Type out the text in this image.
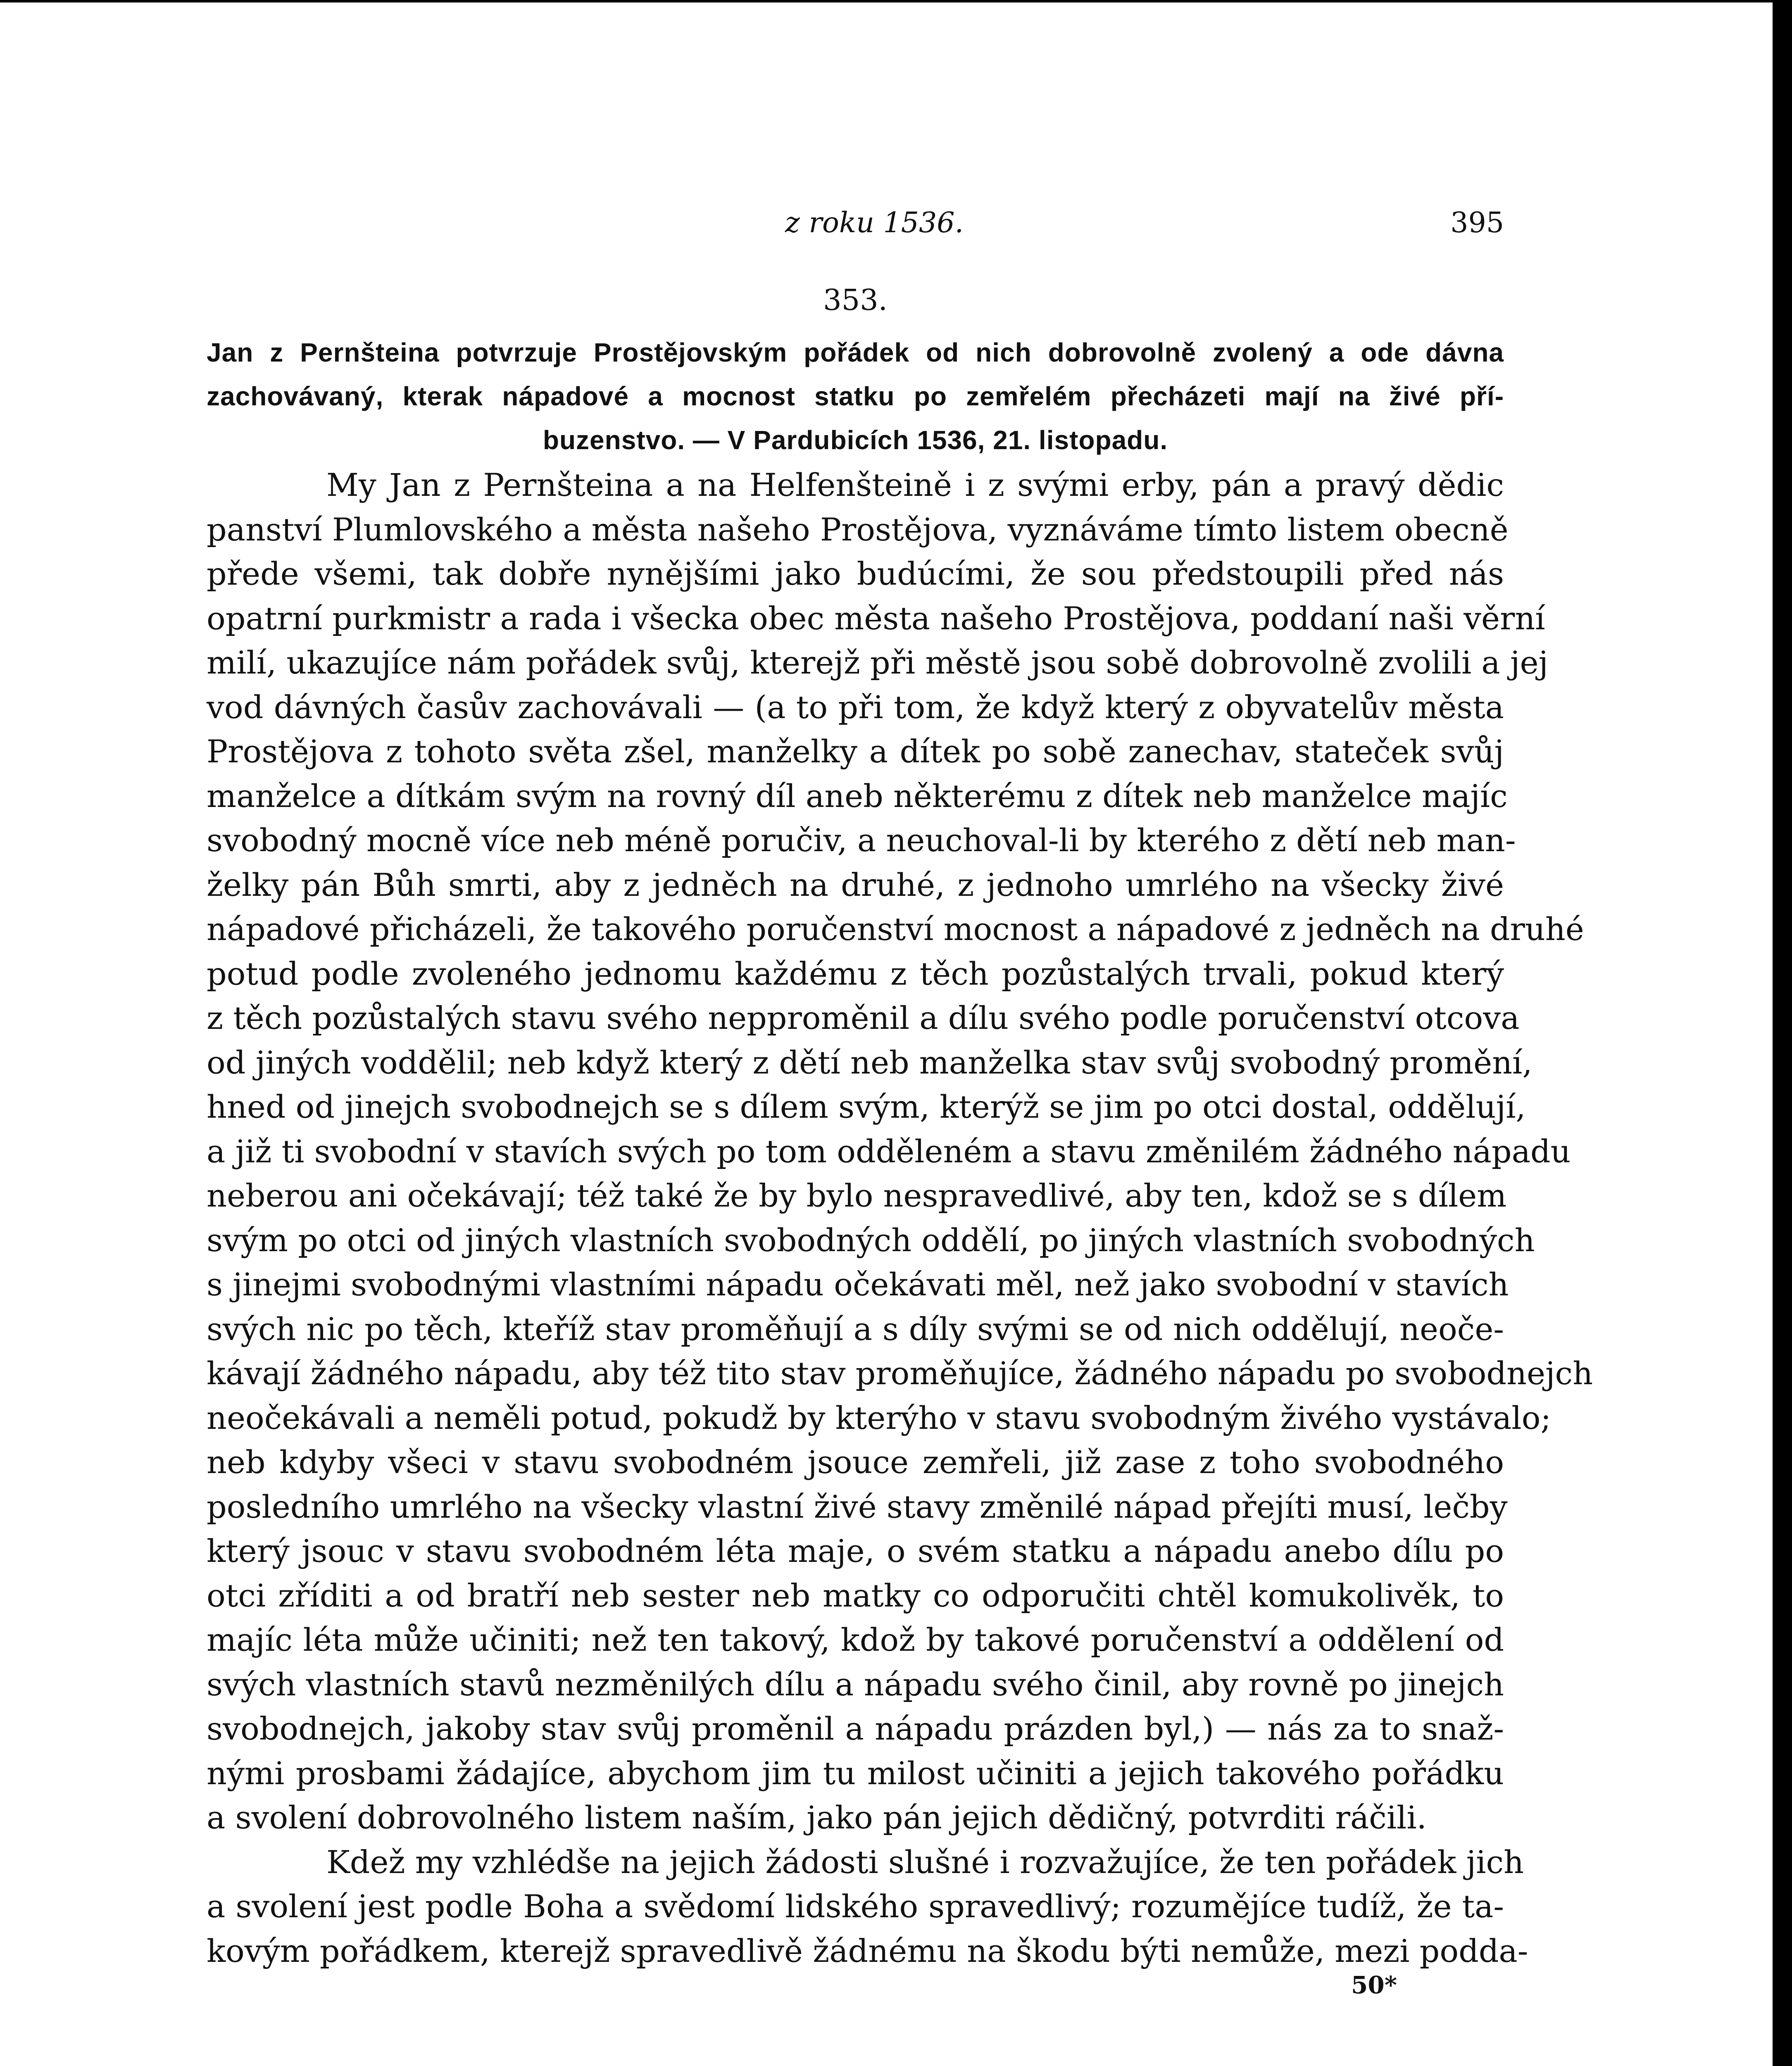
z roku 1536.	395
353.
Jan z Pernšteina potvrzuje Prostějovským pořádek od nich dobrovolně zvolený a ode dávna
zachovávaný, kterak nápadové a mocnost statku po zemřelém přecházeti mají na živé pří-
buzenstvo. — V Pardubicích 1536, 21. listopadu.
My Jan z Pernšteina a na Helfenšteině i z svými erby, pán a pravý dědic
panství Plumlovského a města našeho Prostějova, vyznáváme tímto listem obecně
přede všemi, tak dobře nynějšími jako budúcími, že sou předstoupili před nás
opatrní purkmistr a rada i všecka obec města našeho Prostějova, poddaní naši věrní
milí, ukazujíce nám pořádek svůj, kterejž při městě jsou sobě dobrovolně zvolili a jej
vod dávných časův zachovávali — (a to při tom, že když který z obyvatelův města
Prostějova z tohoto světa zšel, manželky a dítek po sobě zanechav, stateček svůj
manželce a dítkám svým na rovný díl aneb některému z dítek neb manželce majíc
svobodný mocně více neb méně poručiv, a neuchoval-li by kterého z dětí neb man-
želky pán Bůh smrti, aby z jedněch na druhé, z jednoho umrlého na všecky živé
nápadové přicházeli, že takového poručenství mocnost a nápadové z jedněch na druhé
potud podle zvoleného jednomu každému z těch pozůstalých trvali, pokud který
z těch pozůstalých stavu svého nepproměnil a dílu svého podle poručenství otcova
od jiných voddělil; neb když který z dětí neb manželka stav svůj svobodný promění,
hned od jinejch svobodnejch se s dílem svým, kterýž se jim po otci dostal, oddělují,
a již ti svobodní v stavích svých po tom odděleném a stavu změnilém žádného nápadu
neberou ani očekávají; též také že by bylo nespravedlivé, aby ten, kdož se s dílem
svým po otci od jiných vlastních svobodných oddělí, po jiných vlastních svobodných
s jinejmi svobodnými vlastními nápadu očekávati měl, než jako svobodní v stavích
svých nic po těch, kteříž stav proměňují a s díly svými se od nich oddělují, neoče-
kávají žádného nápadu, aby též tito stav proměňujíce, žádného nápadu po svobodnejch
neočekávali a neměli potud, pokudž by kterýho v stavu svobodným živého vystávalo;
neb kdyby všeci v stavu svobodném jsouce zemřeli, již zase z toho svobodného
posledního umrlého na všecky vlastní živé stavy změnilé nápad přejíti musí, lečby
který jsouc v stavu svobodném léta maje, o svém statku a nápadu anebo dílu po
otci zříditi a od bratří neb sester neb matky co odporučiti chtěl komukolivěk, to
majíc léta může učiniti; než ten takový, kdož by takové poručenství a oddělení od
svých vlastních stavů nezměnilých dílu a nápadu svého činil, aby rovně po jinejch
svobodnejch, jakoby stav svůj proměnil a nápadu prázden byl,) — nás za to snaž-
nými prosbami žádajíce, abychom jim tu milost učiniti a jejich takového pořádku
a svolení dobrovolného listem naším, jako pán jejich dědičný, potvrditi ráčili.
Kdež my vzhlédše na jejich žádosti slušné i rozvažujíce, že ten pořádek jich
a svolení jest podle Boha a svědomí lidského spravedlivý; rozumějíce tudíž, že ta-
kovým pořádkem, kterejž spravedlivě žádnému na škodu býti nemůže, mezi podda-
50*
